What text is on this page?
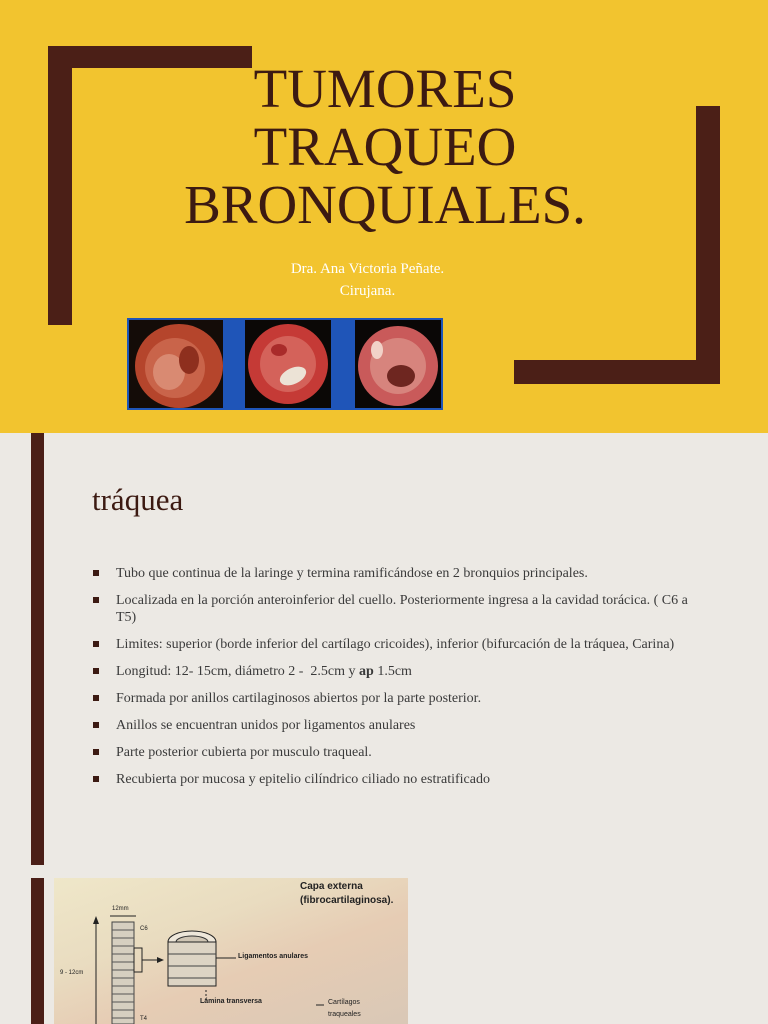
TUMORES
TRAQUEO
BRONQUIALES.
Dra. Ana Victoria Peñate.
Cirujana.
tráquea
Tubo que continua de la laringe y termina ramificándose en 2 bronquios principales.
Localizada en la porción anteroinferior del cuello. Posteriormente ingresa a la cavidad torácica. ( C6 a T5)
Limites: superior (borde inferior del cartílago cricoides), inferior (bifurcación de la tráquea, Carina)
Longitud: 12- 15cm, diámetro 2 -  2.5cm y ap 1.5cm
Formada por anillos cartilaginosos abiertos por la parte posterior.
Anillos se encuentran unidos por ligamentos anulares
Parte posterior cubierta por musculo traqueal.
Recubierta por mucosa y epitelio cilíndrico ciliado no estratificado
Capa externa
(fibrocartilaginosa).
12mm
C6
9 - 12cm
T4
Ligamentos anulares
Lámina transversa	Cartílagos
traqueales
